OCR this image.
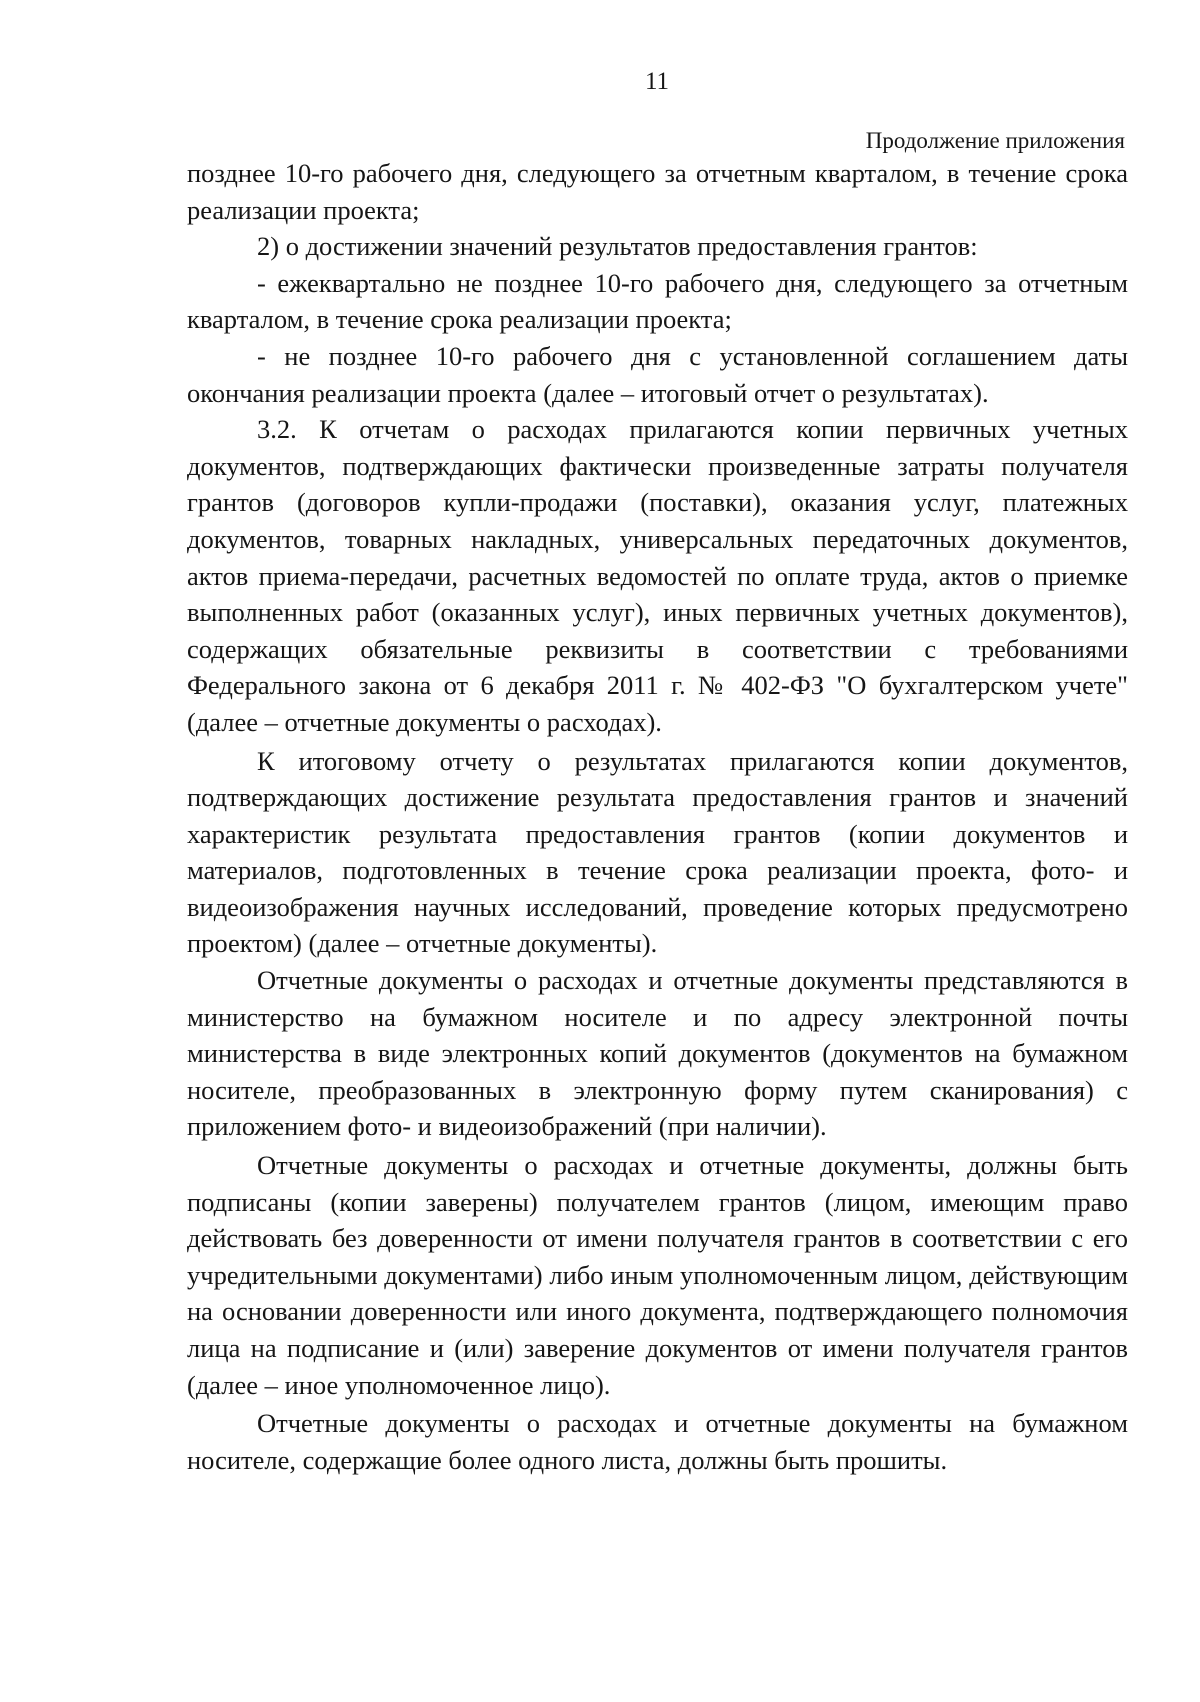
11
Продолжение приложения

позднее 10-го рабочего дня, следующего за отчетным кварталом, в течение срока реализации проекта;

2) о достижении значений результатов предоставления грантов:

- ежеквартально не позднее 10-го рабочего дня, следующего за отчетным кварталом, в течение срока реализации проекта;

- не позднее 10-го рабочего дня с установленной соглашением даты окончания реализации проекта (далее – итоговый отчет о результатах).

3.2. К отчетам о расходах прилагаются копии первичных учетных документов, подтверждающих фактически произведенные затраты получателя грантов (договоров купли-продажи (поставки), оказания услуг, платежных документов, товарных накладных, универсальных передаточных документов, актов приема-передачи, расчетных ведомостей по оплате труда, актов о приемке выполненных работ (оказанных услуг), иных первичных учетных документов), содержащих обязательные реквизиты в соответствии с требованиями Федерального закона от 6 декабря 2011 г. № 402-ФЗ "О бухгалтерском учете" (далее – отчетные документы о расходах).

К итоговому отчету о результатах прилагаются копии документов, подтверждающих достижение результата предоставления грантов и значений характеристик результата предоставления грантов (копии документов и материалов, подготовленных в течение срока реализации проекта, фото- и видеоизображения научных исследований, проведение которых предусмотрено проектом) (далее – отчетные документы).

Отчетные документы о расходах и отчетные документы представляются в министерство на бумажном носителе и по адресу электронной почты министерства в виде электронных копий документов (документов на бумажном носителе, преобразованных в электронную форму путем сканирования) с приложением фото- и видеоизображений (при наличии).

Отчетные документы о расходах и отчетные документы, должны быть подписаны (копии заверены) получателем грантов (лицом, имеющим право действовать без доверенности от имени получателя грантов в соответствии с его учредительными документами) либо иным уполномоченным лицом, действующим на основании доверенности или иного документа, подтверждающего полномочия лица на подписание и (или) заверение документов от имени получателя грантов (далее – иное уполномоченное лицо).

Отчетные документы о расходах и отчетные документы на бумажном носителе, содержащие более одного листа, должны быть прошиты.
